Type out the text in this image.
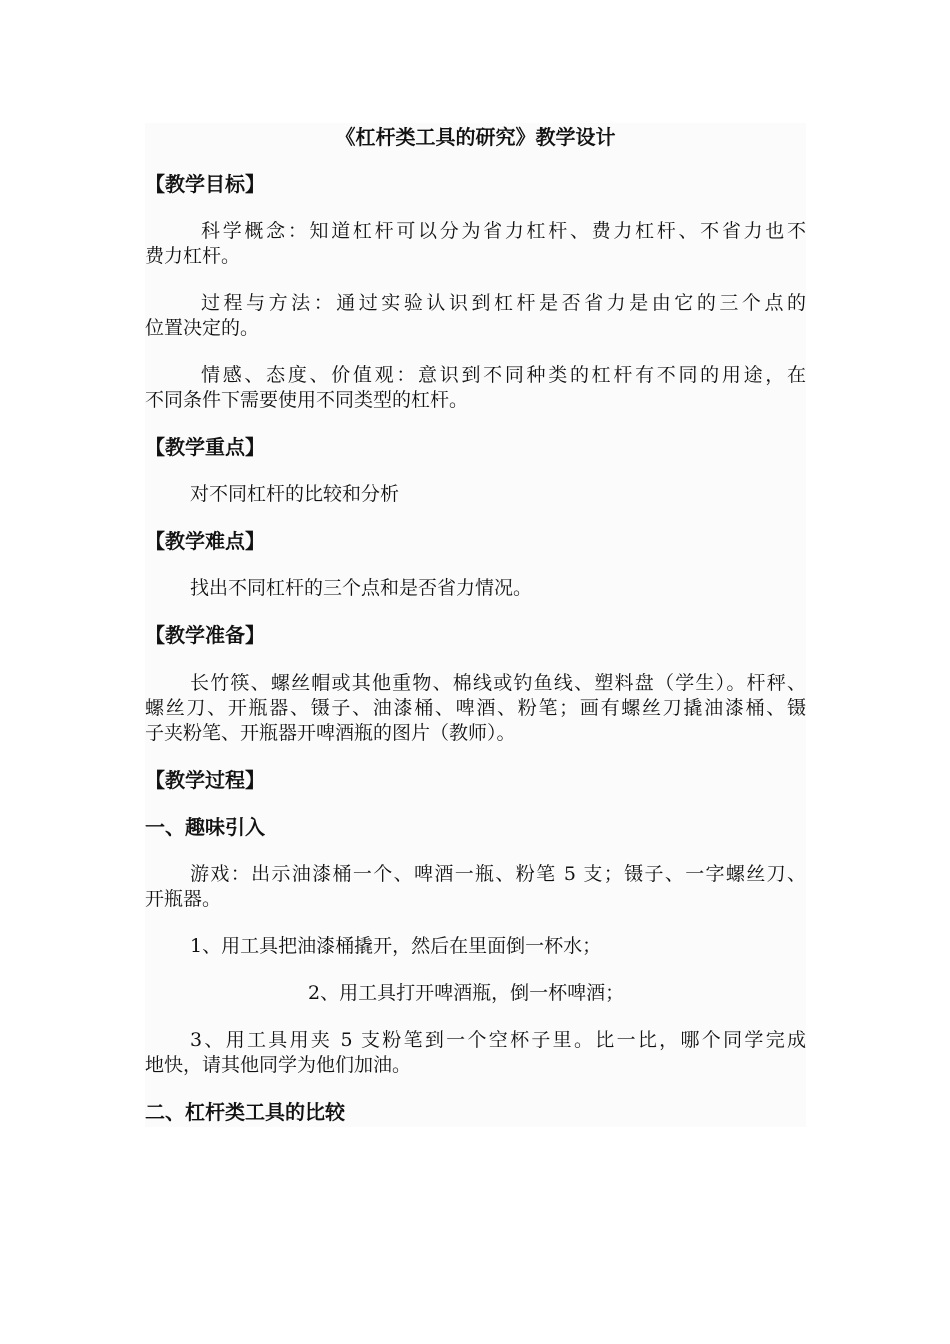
《杠杆类工具的研究》教学设计
【教学目标】
科学概念：知道杠杆可以分为省力杠杆、费力杠杆、不省力也不
费力杠杆。
过程与方法：通过实验认识到杠杆是否省力是由它的三个点的
位置决定的。
情感、态度、价值观：意识到不同种类的杠杆有不同的用途，在
不同条件下需要使用不同类型的杠杆。
【教学重点】
对不同杠杆的比较和分析
【教学难点】
找出不同杠杆的三个点和是否省力情况。
【教学准备】
长竹筷、螺丝帽或其他重物、棉线或钓鱼线、塑料盘（学生）。杆秤、
螺丝刀、开瓶器、镊子、油漆桶、啤酒、粉笔；画有螺丝刀撬油漆桶、镊
子夹粉笔、开瓶器开啤酒瓶的图片（教师）。
【教学过程】
一、趣味引入
游戏：出示油漆桶一个、啤酒一瓶、粉笔 5 支；镊子、一字螺丝刀、
开瓶器。
1、用工具把油漆桶撬开，然后在里面倒一杯水；
2、用工具打开啤酒瓶，倒一杯啤酒；
3、用工具用夹 5 支粉笔到一个空杯子里。比一比，哪个同学完成
地快，请其他同学为他们加油。
二、杠杆类工具的比较
